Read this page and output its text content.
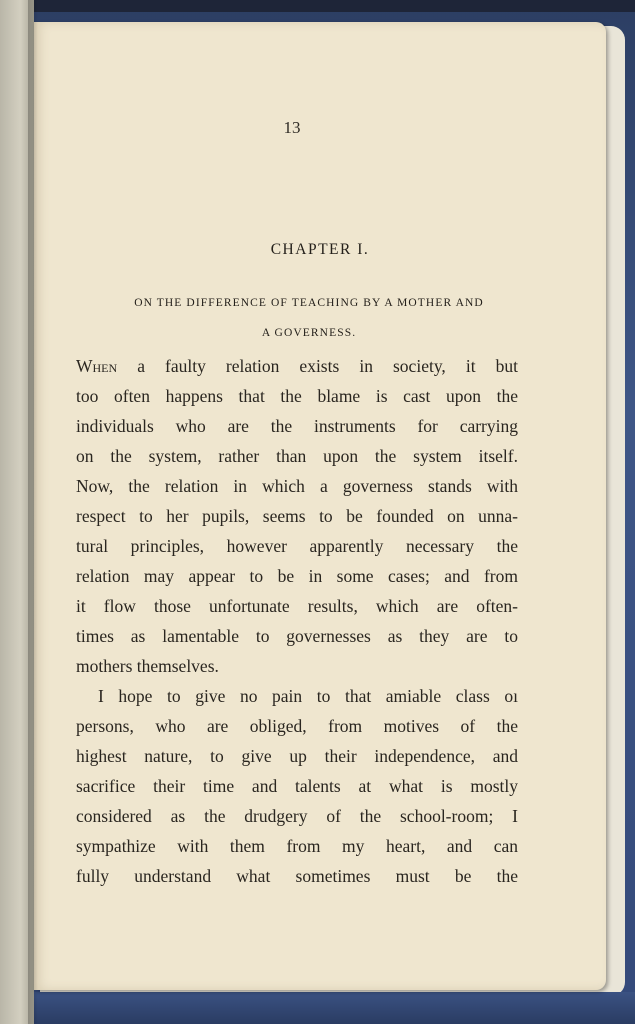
13
CHAPTER I.
ON THE DIFFERENCE OF TEACHING BY A MOTHER AND
A GOVERNESS.
When a faulty relation exists in society, it but
too often happens that the blame is cast upon the
individuals who are the instruments for carrying
on the system, rather than upon the system itself.
Now, the relation in which a governess stands with
respect to her pupils, seems to be founded on unna-
tural principles, however apparently necessary the
relation may appear to be in some cases; and from
it flow those unfortunate results, which are often-
times as lamentable to governesses as they are to
mothers themselves.
I hope to give no pain to that amiable class oı
persons, who are obliged, from motives of the
highest nature, to give up their independence, and
sacrifice their time and talents at what is mostly
considered as the drudgery of the school-room; I
sympathize with them from my heart, and can
fully understand what sometimes must be the
